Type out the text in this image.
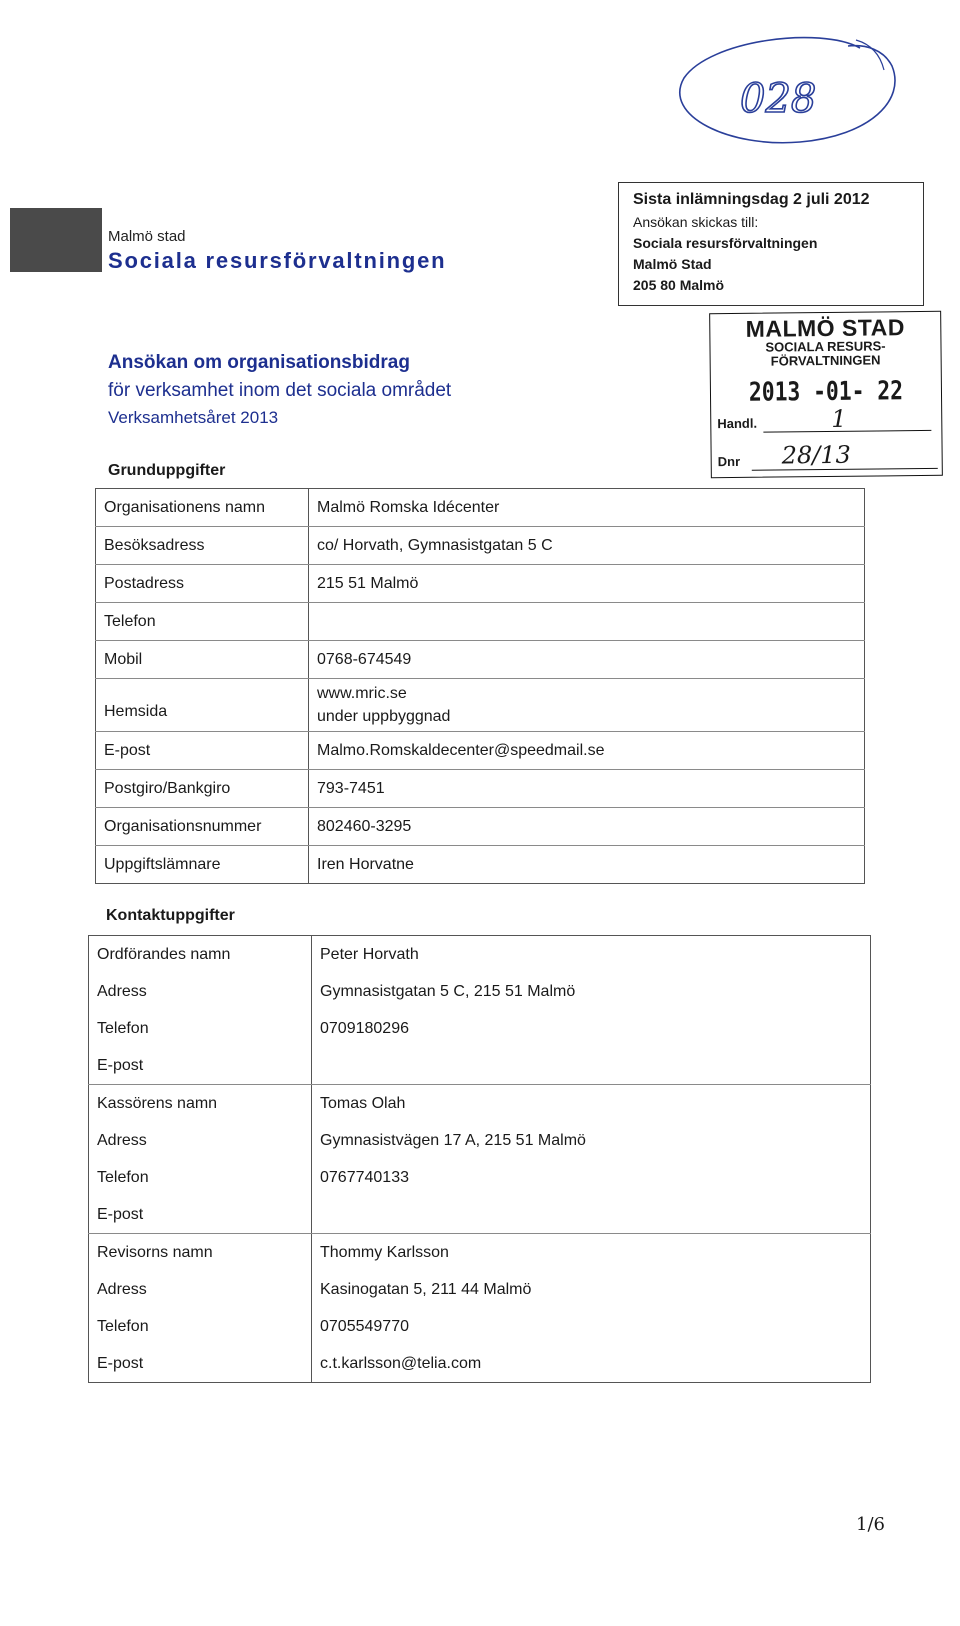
028
Malmö stad
Sociala resursförvaltningen
Sista inlämningsdag 2 juli 2012
Ansökan skickas till:
Sociala resursförvaltningen
Malmö Stad
205 80 Malmö
MALMÖ STAD
SOCIALA RESURS-
FÖRVALTNINGEN
2013 -01- 22
Handl.	1
Dnr 28/13
Ansökan om organisationsbidrag
för verksamhet inom det sociala området
Verksamhetsåret 2013
Grunduppgifter
Organisationens namn	Malmö Romska Idécenter
Besöksadress	co/ Horvath, Gymnasistgatan 5 C
Postadress	215 51 Malmö
Telefon	
Mobil	0768-674549
Hemsida	www.mric.se
under uppbyggnad

E-post	Malmo.Romskaldecenter@speedmail.se
Postgiro/Bankgiro	793-7451
Organisationsnummer	802460-3295
Uppgiftslämnare	Iren Horvatne
Kontaktuppgifter
Ordförandes namn	Peter Horvath
Adress	Gymnasistgatan 5 C, 215 51 Malmö
Telefon	0709180296
E-post	
Kassörens namn	Tomas Olah
Adress	Gymnasistvägen 17 A, 215 51 Malmö
Telefon	0767740133
E-post	
Revisorns namn	Thommy Karlsson
Adress	Kasinogatan 5, 211 44 Malmö
Telefon	0705549770
E-post	c.t.karlsson@telia.com
1/6
